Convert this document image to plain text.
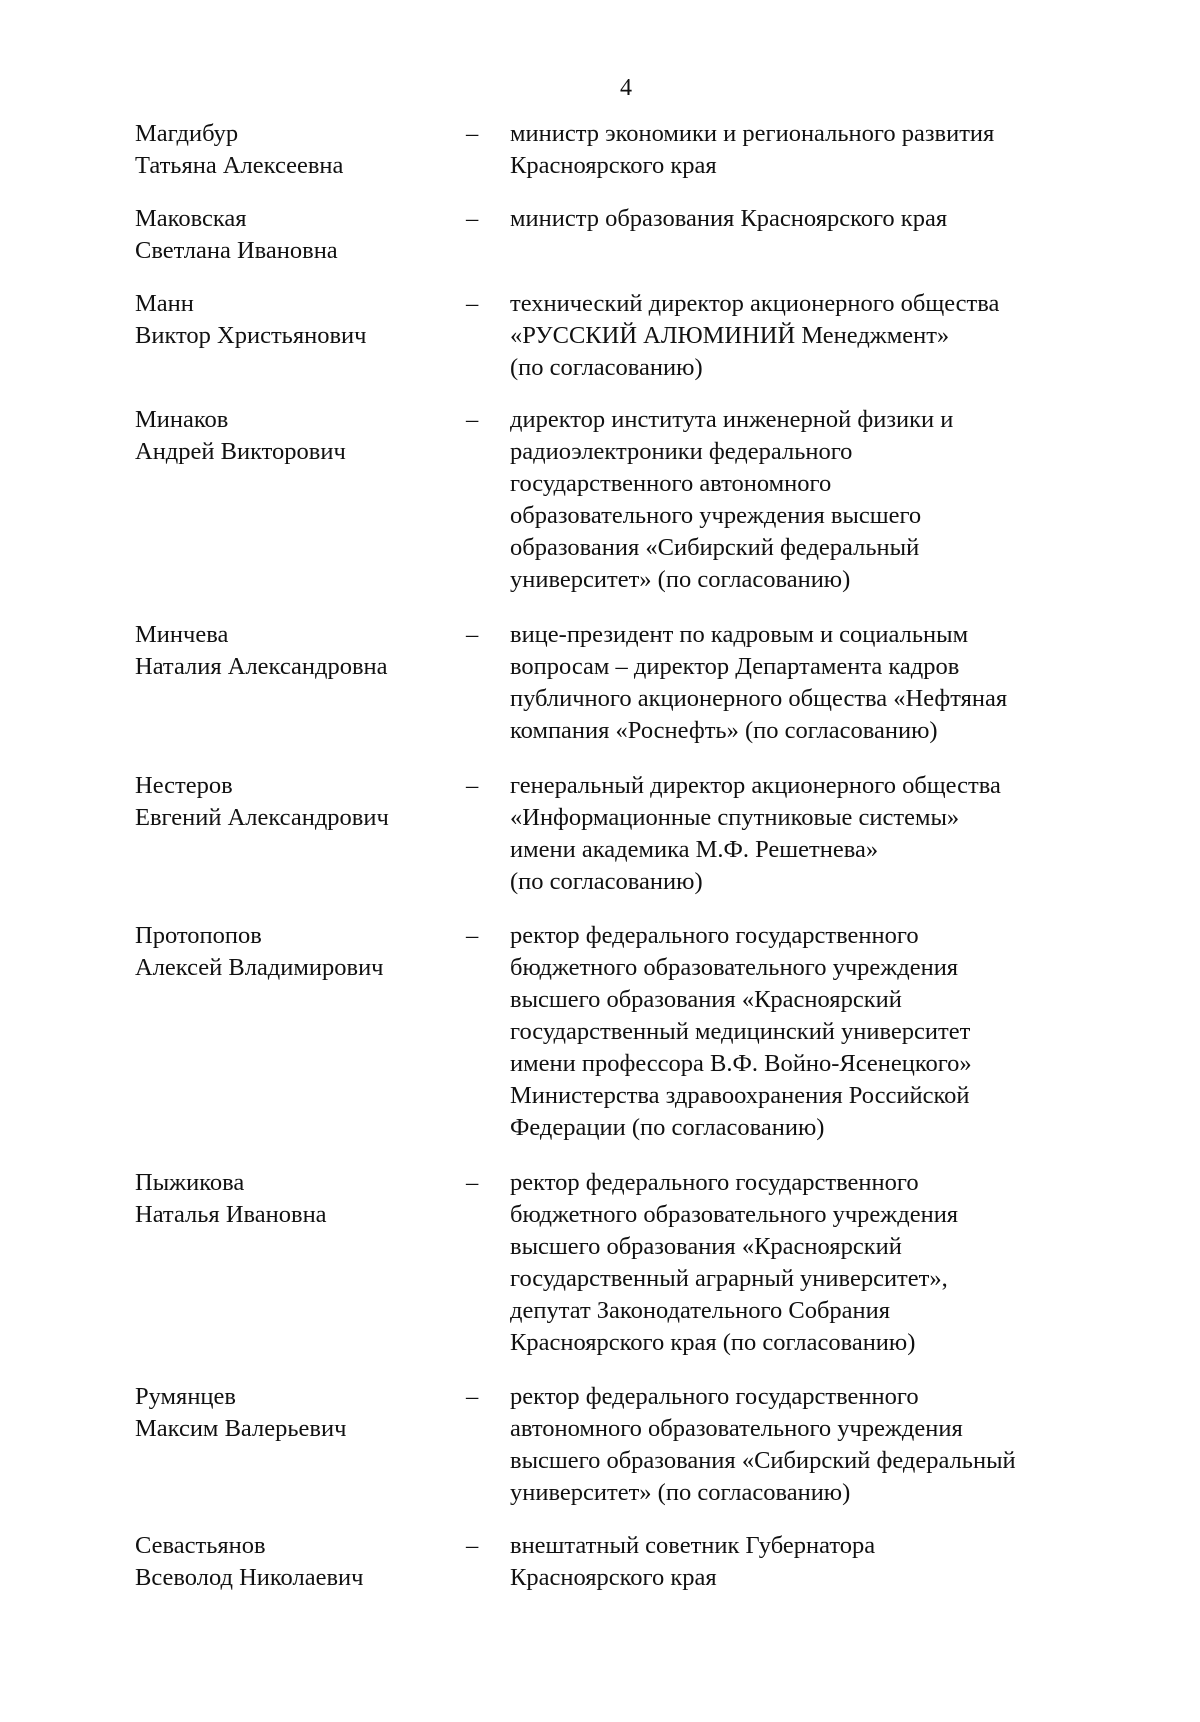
4
Магдибур
Татьяна Алексеевна
– министр экономики и регионального развития
Красноярского края
Маковская
Светлана Ивановна
– министр образования Красноярского края
Манн
Виктор Христьянович
– технический директор акционерного общества
«РУССКИЙ АЛЮМИНИЙ Менеджмент»
(по согласованию)
Минаков
Андрей Викторович
– директор института инженерной физики и
радиоэлектроники федерального
государственного автономного
образовательного учреждения высшего
образования «Сибирский федеральный
университет» (по согласованию)
Минчева
Наталия Александровна
– вице-президент по кадровым и социальным
вопросам – директор Департамента кадров
публичного акционерного общества «Нефтяная
компания «Роснефть» (по согласованию)
Нестеров
Евгений Александрович
– генеральный директор акционерного общества
«Информационные спутниковые системы»
имени академика М.Ф. Решетнева»
(по согласованию)
Протопопов
Алексей Владимирович
– ректор федерального государственного
бюджетного образовательного учреждения
высшего образования «Красноярский
государственный медицинский университет
имени профессора В.Ф. Войно-Ясенецкого»
Министерства здравоохранения Российской
Федерации (по согласованию)
Пыжикова
Наталья Ивановна
– ректор федерального государственного
бюджетного образовательного учреждения
высшего образования «Красноярский
государственный аграрный университет»,
депутат Законодательного Собрания
Красноярского края (по согласованию)
Румянцев
Максим Валерьевич
– ректор федерального государственного
автономного образовательного учреждения
высшего образования «Сибирский федеральный
университет» (по согласованию)
Севастьянов
Всеволод Николаевич
– внештатный советник Губернатора
Красноярского края
